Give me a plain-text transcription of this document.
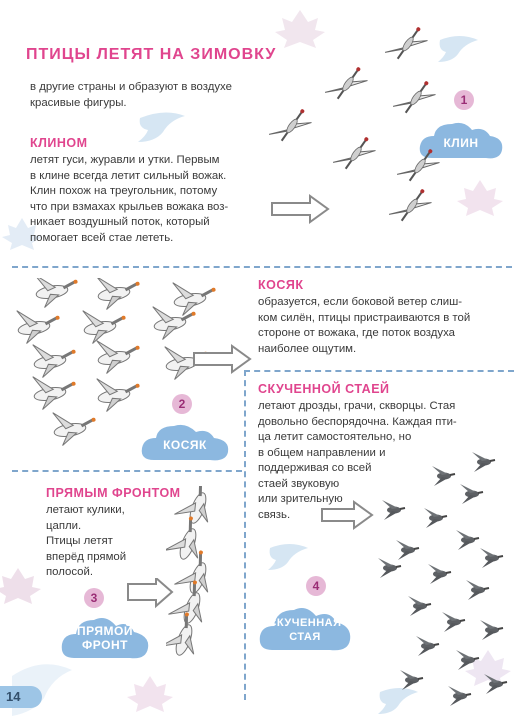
ПТИЦЫ ЛЕТЯТ НА ЗИМОВКУ
в другие страны и образуют в воздухе
красивые фигуры.
КЛИНОМ
летят гуси, журавли и утки. Первым
в клине всегда летит сильный вожак.
Клин похож на треугольник, потому
что при взмахах крыльев вожака воз-
никает воздушный поток, который
помогает всей стае лететь.
1
КЛИН
КОСЯК
образуется, если боковой ветер слиш-
ком силён, птицы пристраиваются в той
стороне от вожака, где поток воздуха
наиболее ощутим.
2
КОСЯК
ПРЯМЫМ ФРОНТОМ
летают кулики,
цапли.
Птицы летят
вперёд прямой
полосой.
3
ПРЯМОЙ
ФРОНТ
СКУЧЕННОЙ СТАЕЙ
летают дрозды, грачи, скворцы. Стая
довольно беспорядочна. Каждая пти-
ца летит самостоятельно, но
в общем направлении и
поддерживая со всей
стаей звуковую
или зрительную
связь.
4
СКУЧЕННАЯ
СТАЯ
14
